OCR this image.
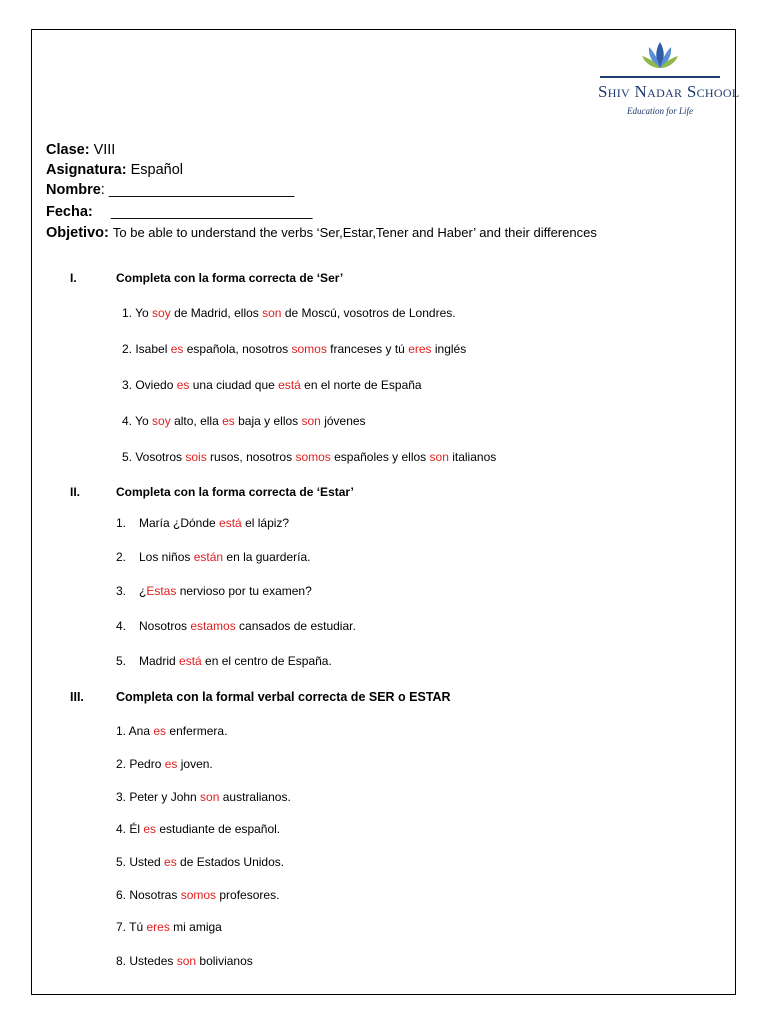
Shiv Nadar School
Education for Life
Clase: VIII
Asignatura: Español
Nombre: _______________________
Fecha: _________________________
Objetivo: To be able to understand the verbs ‘Ser,Estar,Tener and Haber’ and their differences
I.	Completa con la forma correcta de ‘Ser’
1. Yo soy de Madrid, ellos son de Moscú, vosotros de Londres.
2. Isabel es española, nosotros somos franceses y tú eres inglés
3. Oviedo es una ciudad que está en el norte de España
4. Yo soy alto, ella es baja y ellos son jóvenes
5. Vosotros sois rusos, nosotros somos españoles y ellos son italianos
II.	Completa con la forma correcta de ‘Estar’
1. María ¿Dónde está el lápiz?
2. Los niños están en la guardería.
3. ¿Estas nervioso por tu examen?
4. Nosotros estamos cansados de estudiar.
5. Madrid está en el centro de España.
III.	Completa con la formal verbal correcta de SER o ESTAR
1. Ana es enfermera.
2. Pedro es joven.
3. Peter y John son australianos.
4. Él es estudiante de español.
5. Usted es de Estados Unidos.
6. Nosotras somos profesores.
7. Tú eres mi amiga
8. Ustedes son bolivianos
